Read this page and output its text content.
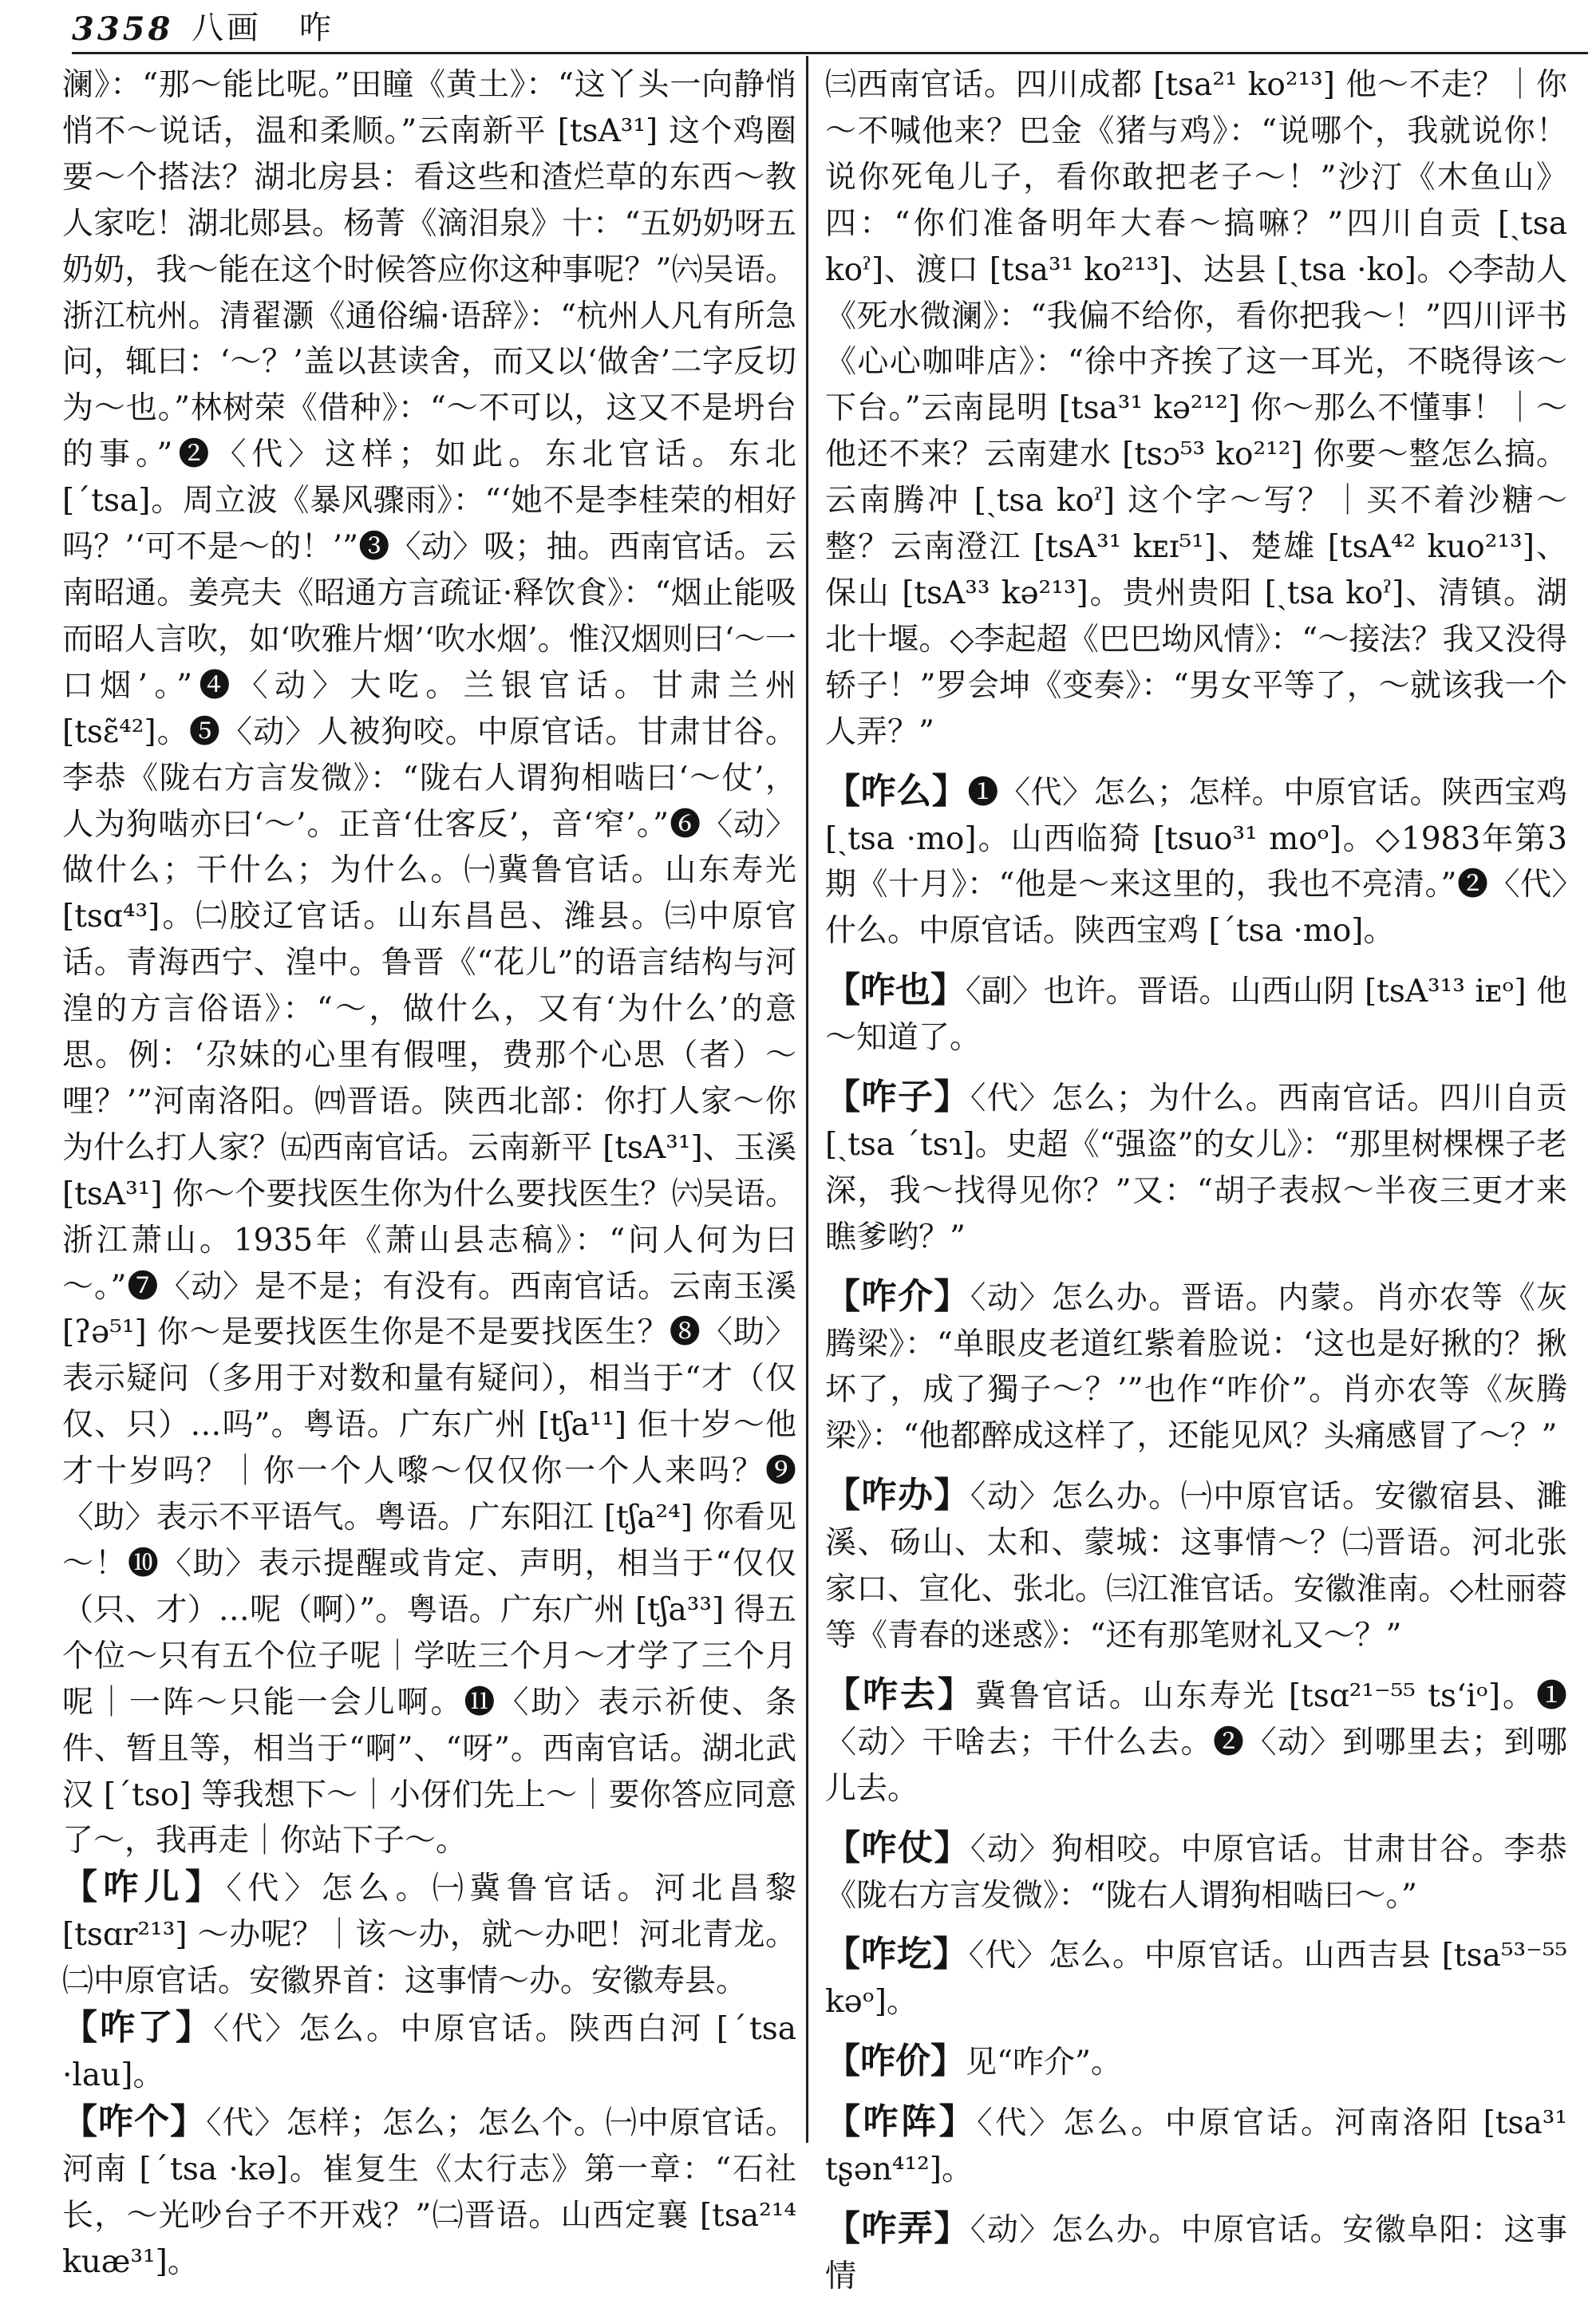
3358 八画 咋

澜》：“那～能比呢。”田瞳《黄土》：“这丫头一向静悄悄不～说话，温和柔顺。”云南新平 [tsA³¹] 这个鸡圈要～个搭法？湖北房县：看这些和渣烂草的东西～教人家吃！湖北郧县。杨菁《滴泪泉》十：“五奶奶呀五奶奶，我～能在这个时候答应你这种事呢？”㈥吴语。浙江杭州。清翟灏《通俗编·语辞》：“杭州人凡有所急问，辄曰：‘～？’盖以甚读舍，而又以‘做舍’二字反切为～也。”林树荣《借种》：“～不可以，这又不是坍台的事。”❷〈代〉这样；如此。东北官话。东北 [ˊtsa]。周立波《暴风骤雨》：“‘她不是李桂荣的相好吗？’‘可不是～的！’”❸〈动〉吸；抽。西南官话。云南昭通。姜亮夫《昭通方言疏证·释饮食》：“烟止能吸而昭人言吹，如‘吹雅片烟’‘吹水烟’。惟汉烟则曰‘～一口烟’。”❹〈动〉大吃。兰银官话。甘肃兰州 [tsɛ̃⁴²]。❺〈动〉人被狗咬。中原官话。甘肃甘谷。李恭《陇右方言发微》：“陇右人谓狗相啮曰‘～仗’，人为狗啮亦曰‘～’。正音‘仕客反’，音‘窄’。”❻〈动〉做什么；干什么；为什么。㈠冀鲁官话。山东寿光 [tsɑ⁴³]。㈡胶辽官话。山东昌邑、潍县。㈢中原官话。青海西宁、湟中。鲁晋《“花儿”的语言结构与河湟的方言俗语》：“～，做什么，又有‘为什么’的意思。例：‘尕妹的心里有假哩，费那个心思（者）～哩？’”河南洛阳。㈣晋语。陕西北部：你打人家～你为什么打人家？㈤西南官话。云南新平 [tsA³¹]、玉溪 [tsA³¹] 你～个要找医生你为什么要找医生？㈥吴语。浙江萧山。1935年《萧山县志稿》：“问人何为曰～。”❼〈动〉是不是；有没有。西南官话。云南玉溪 [ʔə⁵¹] 你～是要找医生你是不是要找医生？❽〈助〉表示疑问（多用于对数和量有疑问），相当于“才（仅仅、只）…吗”。粤语。广东广州 [tʃa¹¹] 佢十岁～他才十岁吗？｜你一个人嚟～仅仅你一个人来吗？❾〈助〉表示不平语气。粤语。广东阳江 [tʃa²⁴] 你看见～！❿〈助〉表示提醒或肯定、声明，相当于“仅仅（只、才）…呢（啊）”。粤语。广东广州 [tʃa³³] 得五个位～只有五个位子呢｜学咗三个月～才学了三个月呢｜一阵～只能一会儿啊。⓫〈助〉表示祈使、条件、暂且等，相当于“啊”、“呀”。西南官话。湖北武汉 [ˊtso] 等我想下～｜小伢们先上～｜要你答应同意了～，我再走｜你站下子～。

【咋儿】〈代〉怎么。㈠冀鲁官话。河北昌黎 [tsɑr²¹³] ～办呢？｜该～办，就～办吧！河北青龙。㈡中原官话。安徽界首：这事情～办。安徽寿县。

【咋了】〈代〉怎么。中原官话。陕西白河 [ˊtsa ·lau]。

【咋个】〈代〉怎样；怎么；怎么个。㈠中原官话。河南 [ˊtsa ·kə]。崔复生《太行志》第一章：“石社长，～光吵台子不开戏？”㈡晋语。山西定襄 [tsa²¹⁴ kuæ³¹]。

㈢西南官话。四川成都 [tsa²¹ ko²¹³] 他～不走？｜你～不喊他来？巴金《猪与鸡》：“说哪个，我就说你！说你死龟儿子，看你敢把老子～！”沙汀《木鱼山》四：“你们准备明年大春～搞嘛？”四川自贡 [ˏtsa koˀ]、渡口 [tsa³¹ ko²¹³]、达县 [ˏtsa ·ko]。◇李劼人《死水微澜》：“我偏不给你，看你把我～！”四川评书《心心咖啡店》：“徐中齐挨了这一耳光，不晓得该～下台。”云南昆明 [tsa³¹ kə²¹²] 你～那么不懂事！｜～他还不来？云南建水 [tsɔ⁵³ ko²¹²] 你要～整怎么搞。云南腾冲 [ˏtsa koˀ] 这个字～写？｜买不着沙糖～整？云南澄江 [tsA³¹ kᴇɪ⁵¹]、楚雄 [tsA⁴² kuo²¹³]、保山 [tsA³³ kə²¹³]。贵州贵阳 [ˏtsa koˀ]、清镇。湖北十堰。◇李起超《巴巴坳风情》：“～接法？我又没得轿子！”罗会坤《变奏》：“男女平等了，～就该我一个人弄？”

【咋么】❶〈代〉怎么；怎样。中原官话。陕西宝鸡 [ˏtsa ·mo]。山西临猗 [tsuo³¹ moᵒ]。◇1983年第3期《十月》：“他是～来这里的，我也不亮清。”❷〈代〉什么。中原官话。陕西宝鸡 [ˊtsa ·mo]。

【咋也】〈副〉也许。晋语。山西山阴 [tsA³¹³ iᴇᵒ] 他～知道了。

【咋子】〈代〉怎么；为什么。西南官话。四川自贡 [ˏtsa ˊtsɿ]。史超《“强盗”的女儿》：“那里树棵棵子老深，我～找得见你？”又：“胡子表叔～半夜三更才来瞧爹哟？”

【咋介】〈动〉怎么办。晋语。内蒙。肖亦农等《灰腾梁》：“单眼皮老道红紫着脸说：‘这也是好揪的？揪坏了，成了獨子～？’”也作“咋价”。肖亦农等《灰腾梁》：“他都醉成这样了，还能见风？头痛感冒了～？”

【咋办】〈动〉怎么办。㈠中原官话。安徽宿县、濉溪、砀山、太和、蒙城：这事情～？㈡晋语。河北张家口、宣化、张北。㈢江淮官话。安徽淮南。◇杜丽蓉等《青春的迷惑》：“还有那笔财礼又～？”

【咋去】冀鲁官话。山东寿光 [tsɑ²¹⁻⁵⁵ tsʻiᵒ]。❶〈动〉干啥去；干什么去。❷〈动〉到哪里去；到哪儿去。

【咋仗】〈动〉狗相咬。中原官话。甘肃甘谷。李恭《陇右方言发微》：“陇右人谓狗相啮曰～。”

【咋圪】〈代〉怎么。中原官话。山西吉县 [tsa⁵³⁻⁵⁵ kəᵒ]。

【咋价】见“咋介”。

【咋阵】〈代〉怎么。中原官话。河南洛阳 [tsa³¹ tʂən⁴¹²]。

【咋弄】〈动〉怎么办。中原官话。安徽阜阳：这事情
